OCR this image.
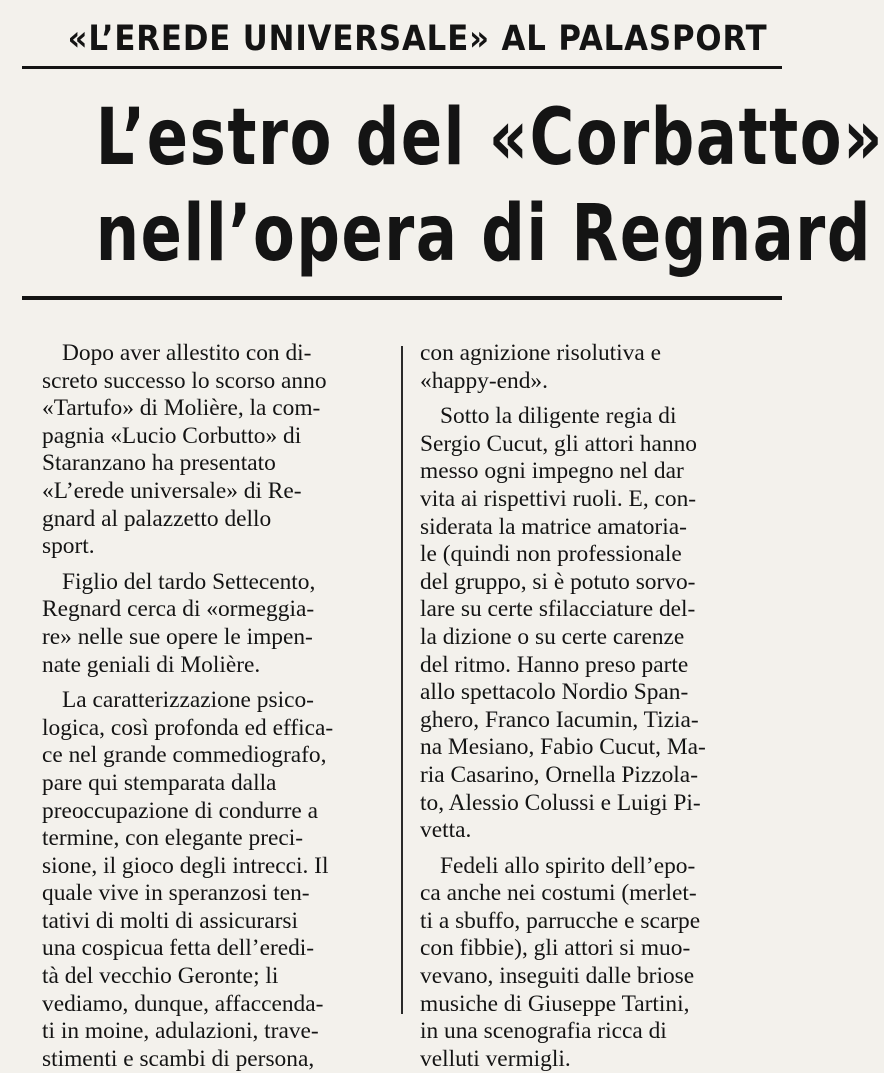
«L’EREDE UNIVERSALE» AL PALASPORT
L’estro del «Corbatto»
nell’opera di Regnard
Dopo aver allestito con di-
screto successo lo scorso anno
«Tartufo» di Molière, la com-
pagnia «Lucio Corbutto» di
Staranzano ha presentato
«L’erede universale» di Re-
gnard al palazzetto dello
sport.
Figlio del tardo Settecento,
Regnard cerca di «ormeggia-
re» nelle sue opere le impen-
nate geniali di Molière.
La caratterizzazione psico-
logica, così profonda ed effica-
ce nel grande commediografo,
pare qui stemparata dalla
preoccupazione di condurre a
termine, con elegante preci-
sione, il gioco degli intrecci. Il
quale vive in speranzosi ten-
tativi di molti di assicurarsi
una cospicua fetta dell’eredi-
tà del vecchio Geronte; li
vediamo, dunque, affaccenda-
ti in moine, adulazioni, trave-
stimenti e scambi di persona,
con agnizione risolutiva e
«happy-end».
Sotto la diligente regia di
Sergio Cucut, gli attori hanno
messo ogni impegno nel dar
vita ai rispettivi ruoli. E, con-
siderata la matrice amatoria-
le (quindi non professionale
del gruppo, si è potuto sorvo-
lare su certe sfilacciature del-
la dizione o su certe carenze
del ritmo. Hanno preso parte
allo spettacolo Nordio Span-
ghero, Franco Iacumin, Tizia-
na Mesiano, Fabio Cucut, Ma-
ria Casarino, Ornella Pizzola-
to, Alessio Colussi e Luigi Pi-
vetta.
Fedeli allo spirito dell’epo-
ca anche nei costumi (merlet-
ti a sbuffo, parrucche e scarpe
con fibbie), gli attori si muo-
vevano, inseguiti dalle briose
musiche di Giuseppe Tartini,
in una scenografia ricca di
velluti vermigli.
